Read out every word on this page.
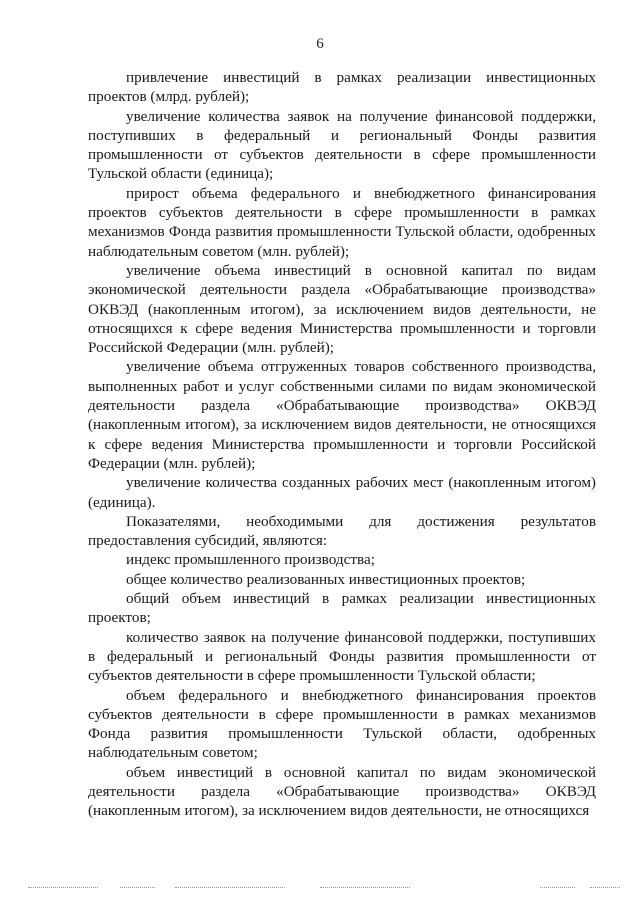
6

привлечение инвестиций в рамках реализации инвестиционных проектов (млрд. рублей);

увеличение количества заявок на получение финансовой поддержки, поступивших в федеральный и региональный Фонды развития промышленности от субъектов деятельности в сфере промышленности Тульской области (единица);

прирост объема федерального и внебюджетного финансирования проектов субъектов деятельности в сфере промышленности в рамках механизмов Фонда развития промышленности Тульской области, одобренных наблюдательным советом (млн. рублей);

увеличение объема инвестиций в основной капитал по видам экономической деятельности раздела «Обрабатывающие производства» ОКВЭД (накопленным итогом), за исключением видов деятельности, не относящихся к сфере ведения Министерства промышленности и торговли Российской Федерации (млн. рублей);

увеличение объема отгруженных товаров собственного производства, выполненных работ и услуг собственными силами по видам экономической деятельности раздела «Обрабатывающие производства» ОКВЭД (накопленным итогом), за исключением видов деятельности, не относящихся к сфере ведения Министерства промышленности и торговли Российской Федерации (млн. рублей);

увеличение количества созданных рабочих мест (накопленным итогом) (единица).

Показателями, необходимыми для достижения результатов предоставления субсидий, являются:

индекс промышленного производства;

общее количество реализованных инвестиционных проектов;

общий объем инвестиций в рамках реализации инвестиционных проектов;

количество заявок на получение финансовой поддержки, поступивших в федеральный и региональный Фонды развития промышленности от субъектов деятельности в сфере промышленности Тульской области;

объем федерального и внебюджетного финансирования проектов субъектов деятельности в сфере промышленности в рамках механизмов Фонда развития промышленности Тульской области, одобренных наблюдательным советом;

объем инвестиций в основной капитал по видам экономической деятельности раздела «Обрабатывающие производства» ОКВЭД (накопленным итогом), за исключением видов деятельности, не относящихся
